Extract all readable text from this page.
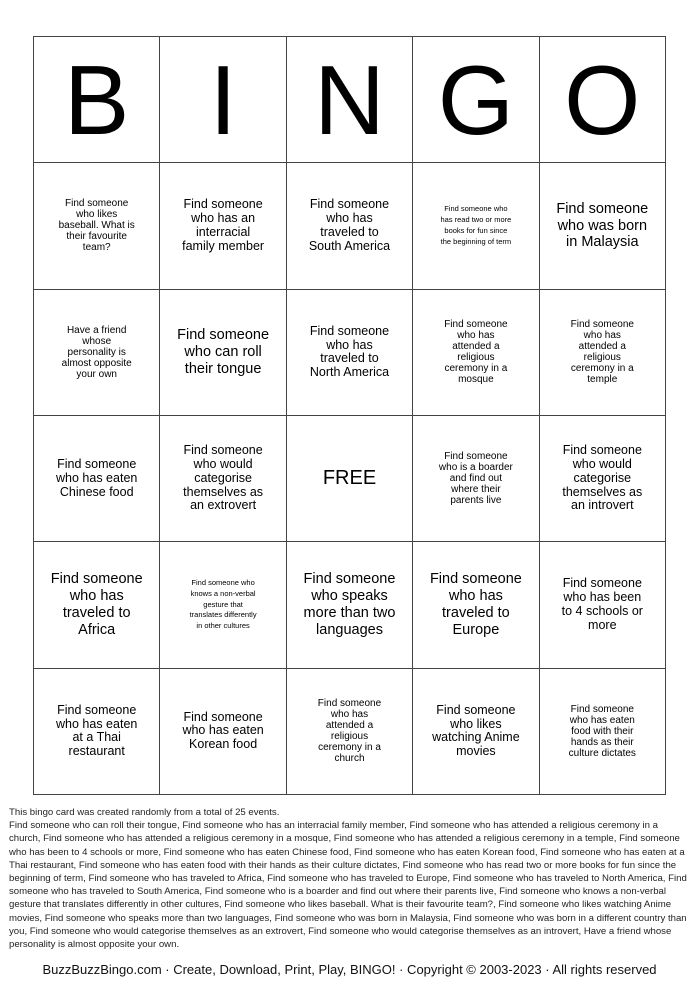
B I N G O
Find someone who likes baseball. What is their favourite team?
Find someone who has an interracial family member
Find someone who has traveled to South America
Find someone who has read two or more books for fun since the beginning of term
Find someone who was born in Malaysia
Have a friend whose personality is almost opposite your own
Find someone who can roll their tongue
Find someone who has traveled to North America
Find someone who has attended a religious ceremony in a mosque
Find someone who has attended a religious ceremony in a temple
Find someone who has eaten Chinese food
Find someone who would categorise themselves as an extrovert
FREE
Find someone who is a boarder and find out where their parents live
Find someone who would categorise themselves as an introvert
Find someone who has traveled to Africa
Find someone who knows a non-verbal gesture that translates differently in other cultures
Find someone who speaks more than two languages
Find someone who has traveled to Europe
Find someone who has been to 4 schools or more
Find someone who has eaten at a Thai restaurant
Find someone who has eaten Korean food
Find someone who has attended a religious ceremony in a church
Find someone who likes watching Anime movies
Find someone who has eaten food with their hands as their culture dictates
This bingo card was created randomly from a total of 25 events.
Find someone who can roll their tongue, Find someone who has an interracial family member, Find someone who has attended a religious ceremony in a church, Find someone who has attended a religious ceremony in a mosque, Find someone who has attended a religious ceremony in a temple, Find someone who has been to 4 schools or more, Find someone who has eaten Chinese food, Find someone who has eaten Korean food, Find someone who has eaten at a Thai restaurant, Find someone who has eaten food with their hands as their culture dictates, Find someone who has read two or more books for fun since the beginning of term, Find someone who has traveled to Africa, Find someone who has traveled to Europe, Find someone who has traveled to North America, Find someone who has traveled to South America, Find someone who is a boarder and find out where their parents live, Find someone who knows a non-verbal gesture that translates differently in other cultures, Find someone who likes baseball. What is their favourite team?, Find someone who likes watching Anime movies, Find someone who speaks more than two languages, Find someone who was born in Malaysia, Find someone who was born in a different country than you, Find someone who would categorise themselves as an extrovert, Find someone who would categorise themselves as an introvert, Have a friend whose personality is almost opposite your own.
BuzzBuzzBingo.com · Create, Download, Print, Play, BINGO! · Copyright © 2003-2023 · All rights reserved
